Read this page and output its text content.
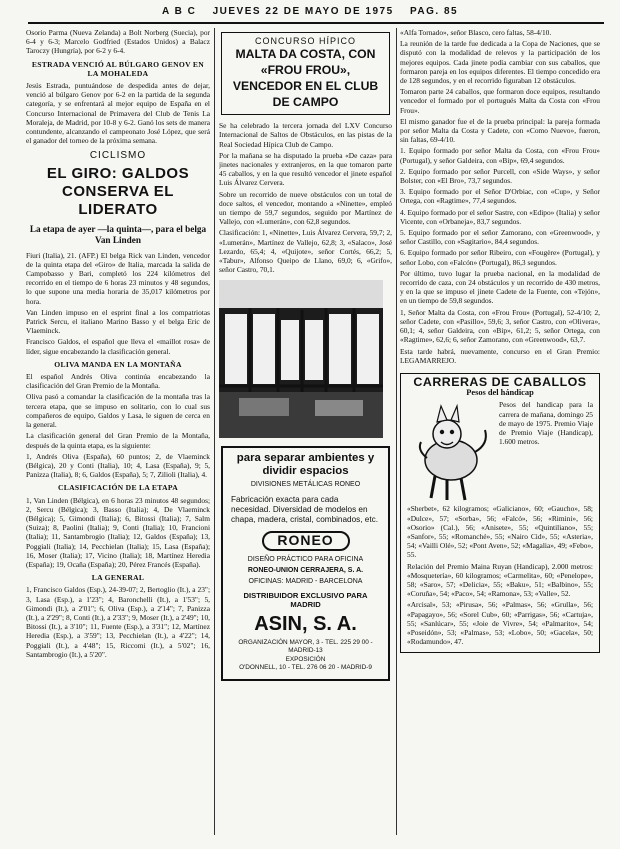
A B C JUEVES 22 DE MAYO DE 1975 PAG. 85

Osorio Parma (Nueva Zelanda) a Bolt Norberg (Suecia), por 6-4 y 6-3; Marcelo Godfried (Estados Unidos) a Balacz Taroczy (Hungría), por 6-2 y 6-4.

ESTRADA VENCIÓ AL BÚLGARO GENOV EN LA MOHALEDA

Jesús Estrada, puntuándose de despedida antes de dejar, venció al búlgaro Genov por 6-2 en la partida de la segunda categoría, y se enfrentará al mejor equipo de España en el Concurso Internacional de Primavera del Club de Tenis La Moraleja, de Madrid, por 10-8 y 6-2. Ganó los sets de manera contundente, alcanzando el campeonato José López, que será el ganador del torneo de la próxima semana.

CICLISMO
EL GIRO: GALDOS CONSERVA EL LIDERATO
La etapa de ayer —la quinta—, para el belga Van Linden

Fiuri (Italia), 21. (AFP.) El belga Rick van Linden, vencedor de la quinta etapa del «Giro» de Italia, marcada la salida de Campobasso y Bari, completó los 224 kilómetros del recorrido en el tiempo de 6 horas 23 minutos y 48 segundos, lo que supone una media horaria de 35,017 kilómetros por hora.

Van Linden impuso en el esprint final a los compatriotas Patrick Sercu, el italiano Marino Basso y el belga Eric de Vlaeminck.

Francisco Galdos, el español que lleva el «maillot rosa» de líder, sigue encabezando la clasificación general.

OLIVA MANDA EN LA MONTAÑA

El español Andrés Oliva continúa encabezando la clasificación del Gran Premio de la Montaña.

Oliva pasó a comandar la clasificación de la montaña tras la tercera etapa, que se impuso en solitario, con lo cual sus compañeros de equipo, Galdos y Lasa, le siguen de cerca en la general.

La clasificación general del Gran Premio de la Montaña, después de la quinta etapa, es la siguiente:

1, Andrés Oliva (España), 60 puntos; 2, de Vlaeminck (Bélgica), 20 y Conti (Italia), 10; 4, Lasa (España), 9; 5, Panizza (Italia), 8; 6, Galdos (España), 5; 7, Zilioli (Italia), 4.

CLASIFICACIÓN DE LA ETAPA

1, Van Linden (Bélgica), en 6 horas 23 minutos 48 segundos; 2, Sercu (Bélgica); 3, Basso (Italia); 4, De Vlaeminck (Bélgica); 5, Gimondi (Italia); 6, Bitossi (Italia); 7, Salm (Suiza); 8, Paolini (Italia); 9, Conti (Italia); 10, Francioni (Italia); 11, Santambrogio (Italia); 12, Galdos (España); 13, Poggiali (Italia); 14, Pecchielan (Italia); 15, Lasa (España); 16, Moser (Italia); 17, Vicino (Italia); 18, Martínez Heredia (España); 19, Ocaña (España); 20, Pérez Francés (España).

LA GENERAL

1, Francisco Galdos (Esp.), 24-39-07; 2, Bertoglio (It.), a 23"; 3, Lasa (Esp.), a 1'23"; 4, Baronchelli (It.), a 1'53"; 5, Gimondi (It.), a 2'01"; 6, Oliva (Esp.), a 2'14"; 7, Panizza (It.), a 2'29"; 8, Conti (It.), a 2'33"; 9, Moser (It.), a 2'49"; 10, Bitossi (It.), a 3'10"; 11, Fuente (Esp.), a 3'31"; 12, Martínez Heredia (Esp.), a 3'59"; 13, Pecchielan (It.), a 4'22"; 14, Poggiali (It.), a 4'48"; 15, Riccomi (It.), a 5'02"; 16, Santambrogio (It.), a 5'20".

CONCURSO HÍPICO
MALTA DA COSTA, CON «FROU FROU», VENCEDOR EN EL CLUB DE CAMPO

Se ha celebrado la tercera jornada del LXV Concurso Internacional de Saltos de Obstáculos, en las pistas de la Real Sociedad Hípica Club de Campo.

Por la mañana se ha disputado la prueba «De caza» para jinetes nacionales y extranjeros, en la que tomaron parte 45 caballos, y en la que resultó vencedor el jinete español Luis Álvarez Cervera.

Sobre un recorrido de nueve obstáculos con un total de doce saltos, el vencedor, montando a «Ninette», empleó un tiempo de 59,7 segundos, seguido por Martínez de Vallejo, con «Lumerán», con 62,8 segundos.

Clasificación: 1, «Ninette», Luis Álvarez Cervera, 59,7; 2, «Lumerán», Martínez de Vallejo, 62,8; 3, «Salaco», José Lezardo, 65,4; 4, «Quijote», señor Cortés, 66,2; 5, «Tabur», Alfonso Queipo de Llano, 69,0; 6, «Grifo», señor Castro, 70,1.

para separar ambientes y dividir espacios
DIVISIONES METÁLICAS RONEO
Fabricación exacta para cada necesidad. Diversidad de modelos en chapa, madera, cristal, combinados, etc.
RONEO
DISEÑO PRÁCTICO PARA OFICINA
RONEO-UNION CERRAJERA, S. A.
OFICINAS: MADRID - BARCELONA
DISTRIBUIDOR EXCLUSIVO PARA MADRID
ASIN, S. A.
ORGANIZACIÓN MAYOR, 3 - TEL. 225 29 00 - MADRID-13
EXPOSICIÓN
O'DONNELL, 10 - TEL. 276 06 20 - MADRID-9

«Alfa Tornado», señor Blasco, cero faltas, 58-4/10.

La reunión de la tarde fue dedicada a la Copa de Naciones, que se disputó con la modalidad de relevos y la participación de los mejores equipos. Cada jinete podía cambiar con sus caballos, que formaron pareja en los equipos diferentes. El tiempo concedido era de 128 segundos, y en el recorrido figuraban 12 obstáculos.

Tomaron parte 24 caballos, que formaron doce equipos, resultando vencedor el formado por el portugués Malta da Costa con «Frou Frou».

El mismo ganador fue el de la prueba principal: la pareja formada por señor Malta da Costa y Cadete, con «Como Nuevo», fueron, sin faltas, 69-4/10.

1. Equipo formado por señor Malta da Costa, con «Frou Frou» (Portugal), y señor Galdeira, con «Bip», 69,4 segundos.

2. Equipo formado por señor Purcell, con «Side Ways», y señor Bolster, con «El Bro», 73,7 segundos.

3. Equipo formado por el Señor D'Orbiac, con «Cup», y Señor Ortega, con «Ragtime», 77,4 segundos.

4. Equipo formado por el señor Sastre, con «Edipo» (Italia) y señor Vicente, con «Orbaneja», 83,7 segundos.

5. Equipo formado por el señor Zamorano, con «Greenwood», y señor Castillo, con «Sagitario», 84,4 segundos.

6. Equipo formado por señor Ribeiro, con «Fougère» (Portugal), y señor Lobo, con «Falcón» (Portugal), 86,3 segundos.

Por último, tuvo lugar la prueba nacional, en la modalidad de recorrido de caza, con 24 obstáculos y un recorrido de 430 metros, y en la que se impuso el jinete Cadete de la Fuente, con «Tejón», en un tiempo de 59,8 segundos.

1, Señor Malta da Costa, con «Frou Frou» (Portugal), 52-4/10; 2, señor Cadete, con «Pasillo», 59,6; 3, señor Castro, con «Olivera», 60,1; 4, señor Galdeira, con «Bip», 61,2; 5, señor Ortega, con «Ragtime», 62,6; 6, señor Zamorano, con «Greenwood», 63,7.

Esta tarde habrá, nuevamente, concurso en el Gran Premio: LEGAMARREJO.

CARRERAS DE CABALLOS
Pesos del hándicap

Pesos del handicap para la carrera de mañana, domingo 25 de mayo de 1975. Premio Viaje de Premio Viaje (Handicap), 1.600 metros.

«Sherbet», 62 kilogramos; «Galiciano», 60; «Gaucho», 58; «Dulce», 57; «Sorba», 56; «Falcó», 56; «Rimini», 56; «Osorio» (Cal.), 56; «Anisete», 55; «Quintiliano», 55; «Sanfor», 55; «Romanché», 55; «Nairo Cid», 55; «Asteria», 54; «Vailli Olé», 52; «Pont Aven», 52; «Magalia», 49; «Febo», 55.

Relación del Premio Maina Ruyan (Handicap), 2.000 metros: «Mosquetería», 60 kilogramos; «Carmelita», 60; «Penelope», 58; «Saro», 57; «Delicia», 55; «Baku», 51; «Balbino», 55; «Coruña», 54; «Paco», 54; «Ramona», 53; «Valle», 52.

«Arcisal», 53; «Pirusa», 56; «Palmas», 56; «Grulla», 56; «Papagayo», 56; «Sorel Cub», 60; «Parrigas», 56; «Cartuja», 55; «Sanlúcar», 55; «Joie de Vivre», 54; «Palmarito», 54; «Poseidón», 53; «Palmas», 53; «Lobo», 50; «Gacela», 50; «Rodamundo», 47.
